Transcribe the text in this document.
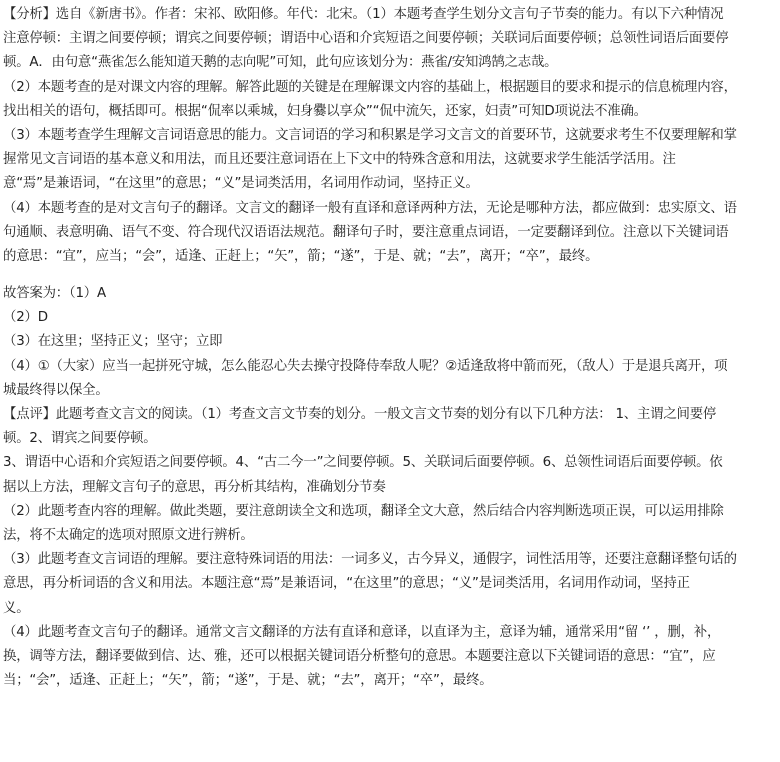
【分析】选自《新唐书》。作者：宋祁、欧阳修。年代：北宋。（1）本题考查学生划分文言句子节奏的能力。有以下六种情况
注意停顿：主谓之间要停顿；谓宾之间要停顿；谓语中心语和介宾短语之间要停顿；关联词后面要停顿；总领性词语后面要停
顿。A．由句意“燕雀怎么能知道天鹅的志向呢”可知，此句应该划分为：燕雀/安知鸿鹄之志哉。
（2）本题考查的是对课文内容的理解。解答此题的关键是在理解课文内容的基础上，根据题目的要求和提示的信息梳理内容，
找出相关的语句，概括即可。根据“侃率以乘城，妇身爨以享众”“侃中流矢，还家，妇责”可知D项说法不准确。
（3）本题考查学生理解文言词语意思的能力。文言词语的学习和积累是学习文言文的首要环节，这就要求考生不仅要理解和掌
握常见文言词语的基本意义和用法，而且还要注意词语在上下文中的特殊含意和用法，这就要求学生能活学活用。注
意“焉”是兼语词，“在这里”的意思；“义”是词类活用，名词用作动词，坚持正义。
（4）本题考查的是对文言句子的翻译。文言文的翻译一般有直译和意译两种方法，无论是哪种方法，都应做到：忠实原文、语
句通顺、表意明确、语气不变、符合现代汉语语法规范。翻译句子时，要注意重点词语，一定要翻译到位。注意以下关键词语
的意思：“宜”，应当；“会”，适逢、正赶上；“矢”，箭；“遂”，于是、就；“去”，离开；“卒”，最终。
故答案为：（1）A
（2）D
（3）在这里；坚持正义；坚守；立即
（4）①（大家）应当一起拼死守城，怎么能忍心失去操守投降侍奉敌人呢？②适逢敌将中箭而死，（敌人）于是退兵离开，项
城最终得以保全。
【点评】此题考查文言文的阅读。（1）考查文言文节奏的划分。一般文言文节奏的划分有以下几种方法： 1、主谓之间要停
顿。2、谓宾之间要停顿。
3、谓语中心语和介宾短语之间要停顿。4、“古二今一”之间要停顿。5、关联词后面要停顿。6、总领性词语后面要停顿。依
据以上方法，理解文言句子的意思，再分析其结构，准确划分节奏
（2）此题考查内容的理解。做此类题，要注意朗读全文和选项，翻译全文大意，然后结合内容判断选项正误，可以运用排除
法，将不太确定的选项对照原文进行辨析。
（3）此题考查文言词语的理解。要注意特殊词语的用法：一词多义，古今异义，通假字，词性活用等，还要注意翻译整句话的
意思，再分析词语的含义和用法。本题注意“焉”是兼语词，“在这里”的意思；“义”是词类活用，名词用作动词，坚持正
义。
（4）此题考查文言句子的翻译。通常文言文翻译的方法有直译和意译，以直译为主，意译为辅，通常采用“留 ‘’ ，删，补，
换，调等方法，翻译要做到信、达、雅，还可以根据关键词语分析整句的意思。本题要注意以下关键词语的意思：“宜”，应
当；“会”，适逢、正赶上；“矢”，箭；“遂”，于是、就；“去”，离开；“卒”，最终。
